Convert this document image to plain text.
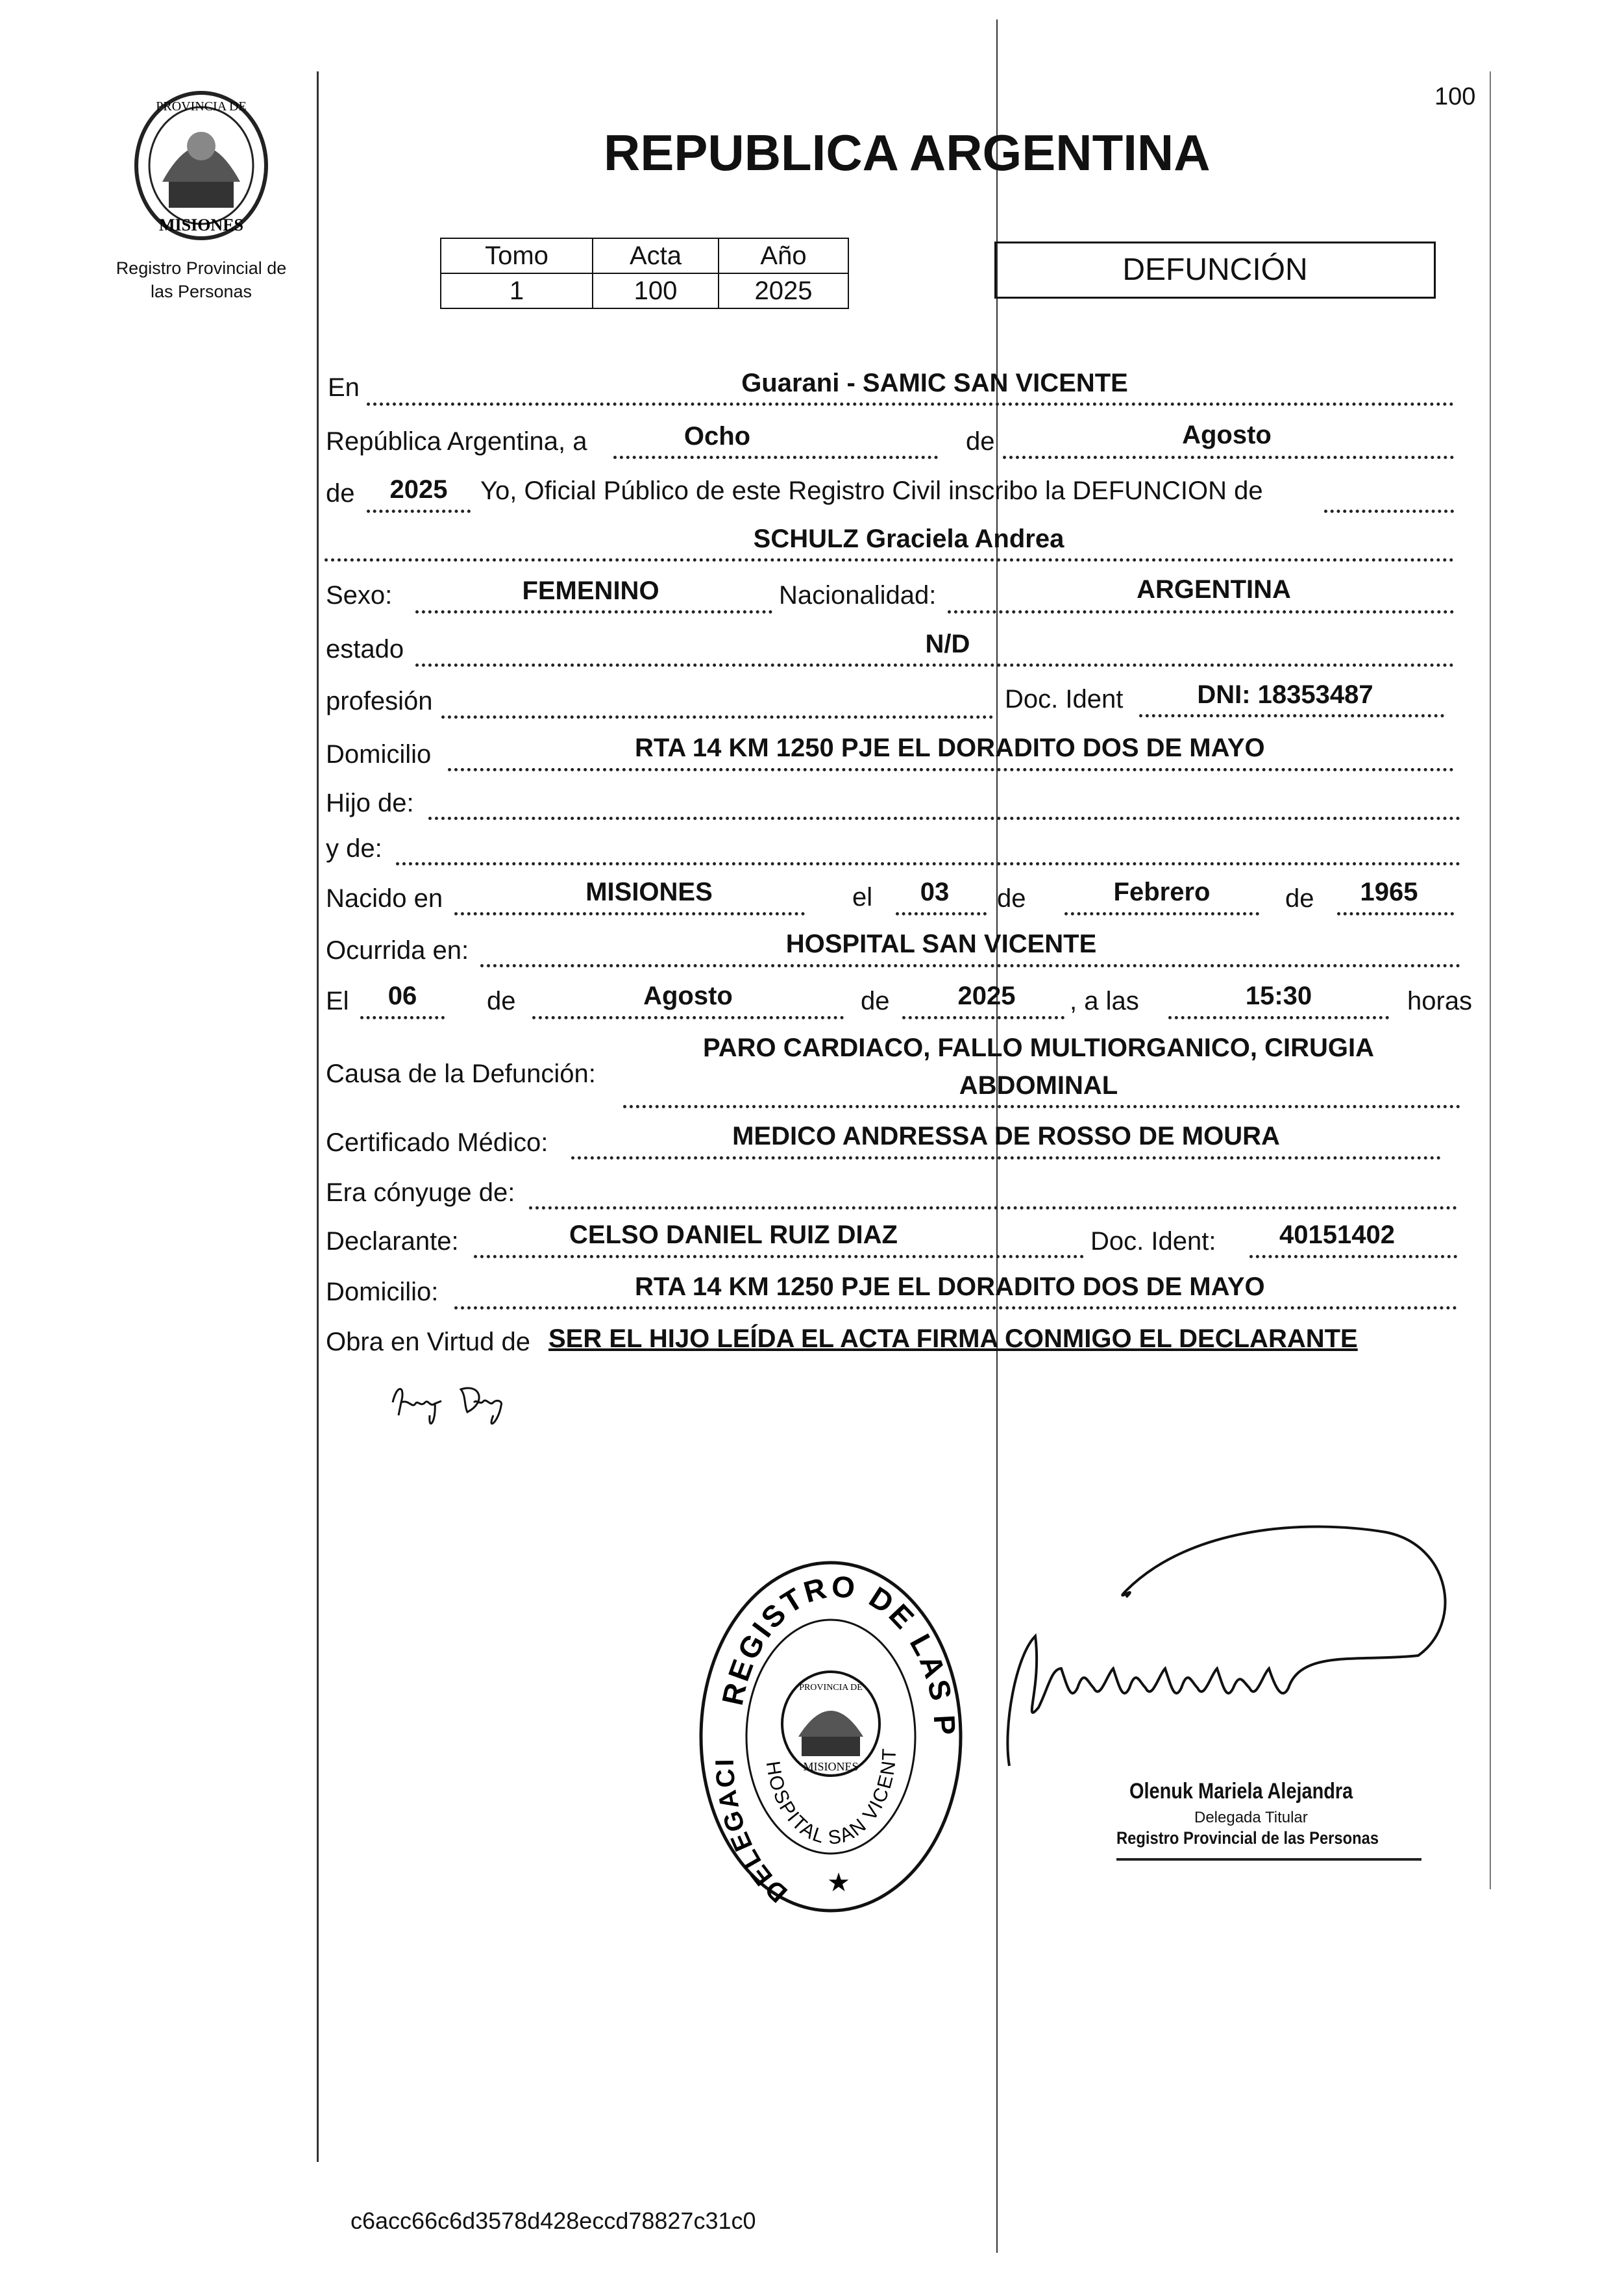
100
PROVINCIA DE
MISIONES
Registro Provincial de
las Personas
REPUBLICA ARGENTINA
Tomo	Acta	Año
1	100	2025
DEFUNCIÓN
En	Guarani - SAMIC SAN VICENTE
República Argentina, a	Ocho	de	Agosto
de	2025	Yo, Oficial Público de este Registro Civil inscribo la DEFUNCION de
SCHULZ Graciela Andrea
Sexo:	FEMENINO	Nacionalidad:	ARGENTINA
estado	N/D
profesión	Doc. Ident	DNI: 18353487
Domicilio	RTA 14 KM 1250 PJE EL DORADITO DOS DE MAYO
Hijo de:
y de:
Nacido en	MISIONES	el	03	de	Febrero	de	1965
Ocurrida en:	HOSPITAL SAN VICENTE
El	06	de	Agosto	de	2025	, a las	15:30	horas
PARO CARDIACO, FALLO MULTIORGANICO, CIRUGIA
Causa de la Defunción:	ABDOMINAL
Certificado Médico:	MEDICO ANDRESSA DE ROSSO DE MOURA
Era cónyuge de:
Declarante:	CELSO DANIEL RUIZ DIAZ	Doc. Ident:	40151402
Domicilio:	RTA 14 KM 1250 PJE EL DORADITO DOS DE MAYO
Obra en Virtud de SER EL HIJO LEÍDA EL ACTA FIRMA CONMIGO EL DECLARANTE
REGISTRO DE LAS P
DELEGACI	HOSPITAL SAN VICENT
PROVINCIA DE
MISIONES
★
Olenuk Mariela Alejandra
Delegada Titular
Registro Provincial de las Personas
c6acc66c6d3578d428eccd78827c31c0
